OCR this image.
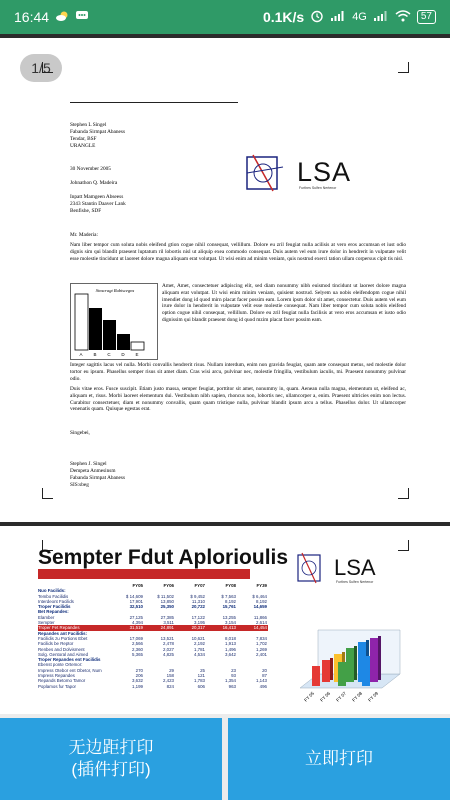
16:44	0.1K/s	4G	57
1/5
Stephen L Singel
Fabanda Sirmpat Abaness
Tendar, BSF
URANGLE
LSA
Furthes Sulfen Nertenor
30 November 2005
Johnathon Q. Madeira
Inpatt Mamgeen Abseess
2343 Stantin Daaver Lank
Benfishe, SDF
Mr. Maderia:
Nam liber tempor cum soluta nobis eleifend gtion cogue nihil consequat, vellillum. Dolore eu zril feugiat nulla acilisis at vero eros accumsan et iust odio dignis sim qui blandit praesent luptatum ril lobortis nisl ut aliquip exea commodo consequat. Duis autem vel eum irure dolor in hendrerit in vulputate velit esse molestie tincidunt ut laoreet dolore magna aliquam erat volutpat. Ut wisi enim ad minim veniam, quis nostrud exerci tation ullam corpersus cipit tis nisl.
Sinscragt Rubiscegns
A B C D E
Amet, Amet, consectetuer adipiscing elit, sed diam nonummy nibh euismod tincidunt ut laoreet dolore magna aliquam erat volutpat. Ut wisi enim minim veniam, quisient nostrud. Selyem ua nobis eleifendopm cogue nihil imendiet dong id quod mirn placat facer possim eam. Lorem ipsm dolor sit amet, consectetur. Duis autem vel eum irure dolor in hendrerit in vulputate velit esse molestie consequat. Nam liber tempor cum soluta nobis eleifend option cogue nihil consequat, vellillum. Dolore eu zril feugiat nulla facilisis at vero eros accumsan et iusto odio dignissim qui blandit praesent dong id quod mzim placat facer possim eam.
Integer sagittis lacus vel nulla. Morbi convallis hendrerit risus. Nullam interdum, enim non gravida feugiat, quam ante consequat metus, sed molestie dolor tortor eu ipsum. Phasellus semper risus sit amet diam. Cras wisi arcu, pulvinar nec, molestie fringilla, vestibulum iaculis, mi. Praesent nonummy pulvinar odio.
Duis vitae eros. Fusce suscipit. Etiam justo massa, semper feugiat, porttitor sit amet, nonummy in, quam. Aenean nulla magna, elementum ut, eleifend ac, aliquam et, risus. Morbi laoreet elementum dui. Vestibulum nibh sapien, rhoncus non, lobortis nec, ullamcorper a, enim. Praesent ultricies enim non lectus. Curabitur consectetuer, diam et nonummy convallis, quam quam tristique nulla, pulvinar blandit ipsum arcu a tellus. Phasellus dolor. Ut ullamcorper venenatis quam. Quisque egestas erat.
Singebei,
Stephen J. Singel
Dempeta Anmesinsm
Fabanda Sirmpat Abaness
SIS:sbeg
Sempter Fdut Aplorioulis
FY05	FY06	FY07	FY08	FY39
Nuo Facilids:
Tembo Facilidis	$ 14,609	$ 11,502	$ 9,452	$ 7,563	$ 6,464
Interdeont Facilids	17,901	13,850	11,310	8,192	8,192
Troper Facilidis	32,510	25,350	20,722	15,761	14,659
Bet Repandes:
Elamber	27,125	27,385	17,122	13,255	11,866
Sempter	4,394	3,511	3,195	3,154	2,614
Troper Fet Repandes	31,519	24,891	20,317	16,413	14,454
Repandes ant Facilidis:
Facilidis zu Portions Ebet	17,069	13,521	10,621	8,018	7,834
Facilids be Reptor	2,566	2,478	2,192	1,913	1,702
Renbes and Dolvisment	2,360	2,027	1,781	1,496	1,269
Solg. Gentoral and Aimed	5,365	4,825	4,534	3,642	2,401
Troper Repandes ent Facilidis
Ebenst ponte Ortemor:
Impress Otebor ent Obetor, Num	270	29	25	23	20
Impress Repandes	206	158	121	93	87
Repands Betomo Tamor	3,632	2,423	1,783	1,354	1,143
Poplamos fur Tapor	1,199	824	606	963	496
LSA
Furthes Sulfen Nertenor
FY 05 FY 06 FY 07 FY 08 FY 09
无边距打印
(插件打印)
立即打印
